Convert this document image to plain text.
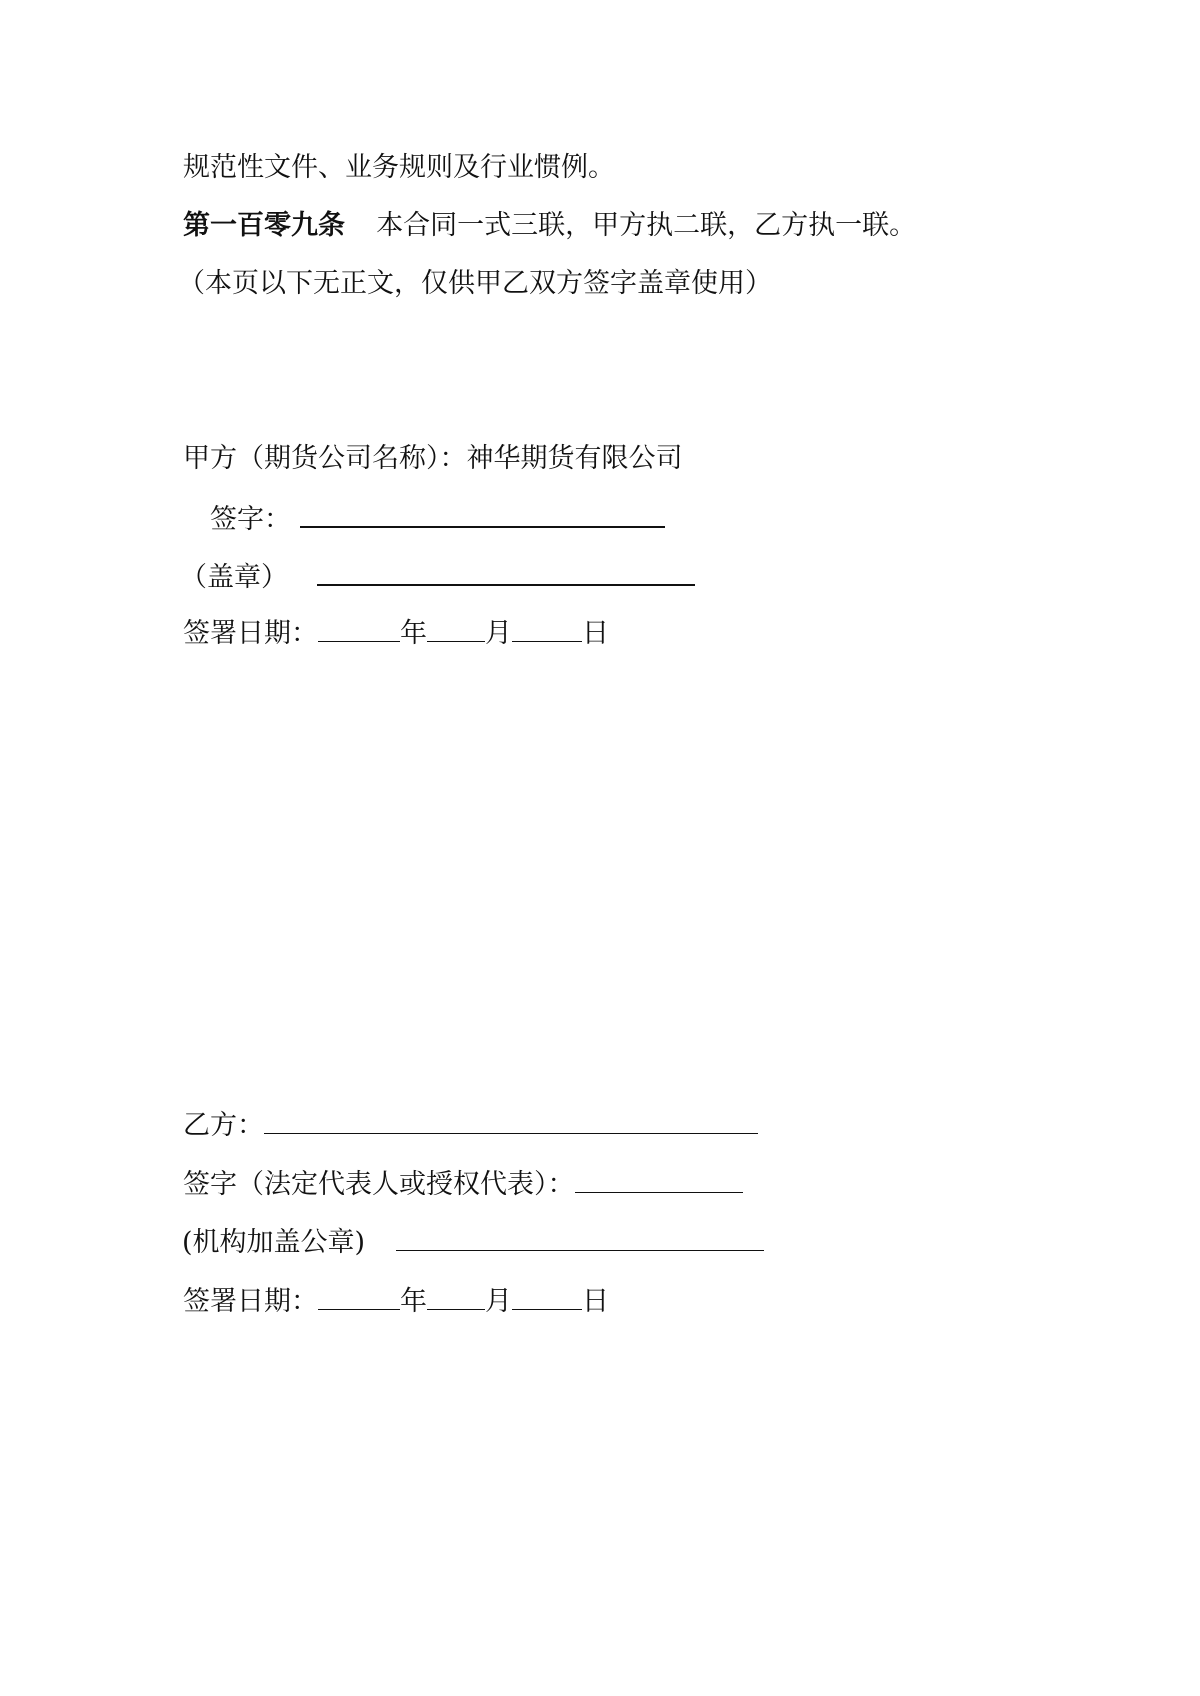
规范性文件、业务规则及行业惯例。
第一百零九条 本合同一式三联，甲方执二联，乙方执一联。
（本页以下无正文，仅供甲乙双方签字盖章使用）
甲方（期货公司名称）：神华期货有限公司
签字：
（盖章）
签署日期：	年 月	日
乙方：
签字（法定代表人或授权代表）：
(机构加盖公章)
签署日期：	年 月	日
